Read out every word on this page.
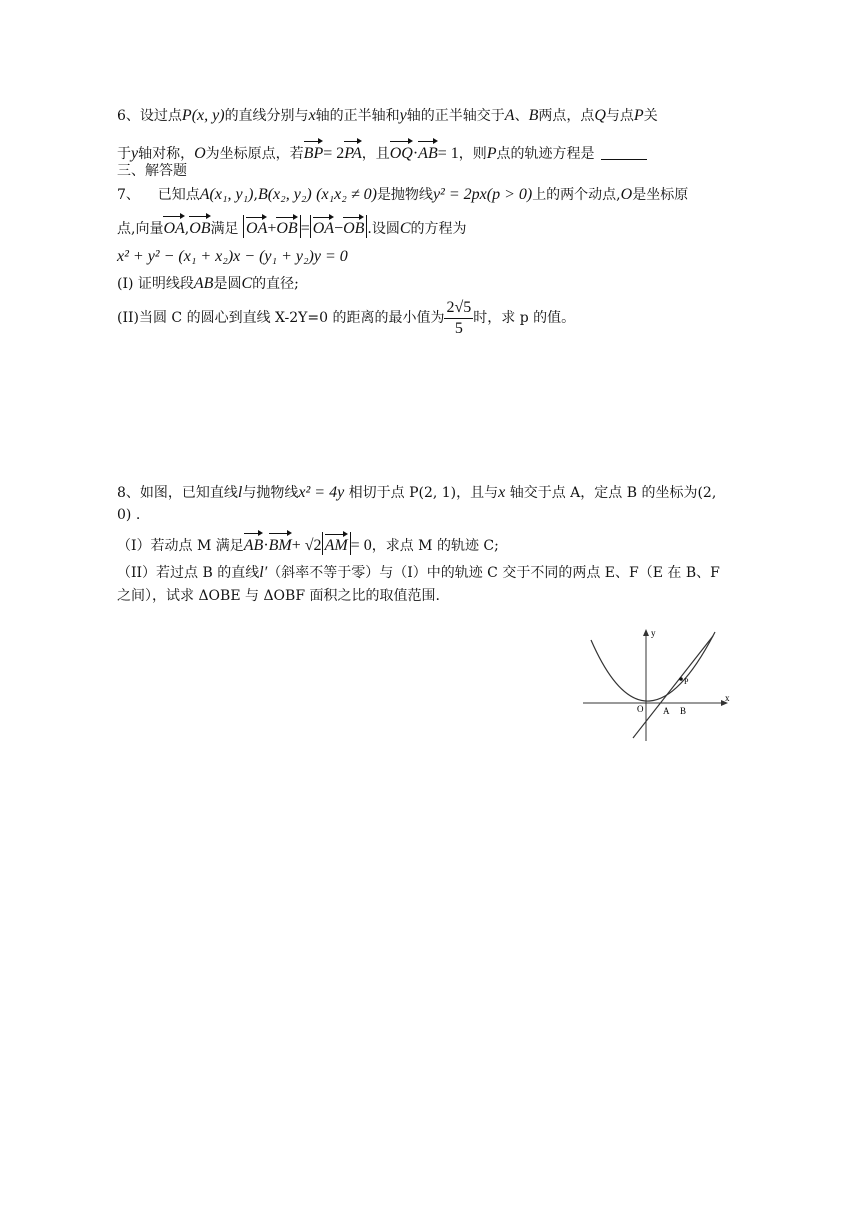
6、设过点P(x, y)的直线分别与x轴的正半轴和y轴的正半轴交于A、B两点，点Q与点P关
于y轴对称，O为坐标原点，若BP= 2PA，且OQ·AB= 1，则P点的轨迹方程是
三、解答题
7、 已知点A(x₁, y₁),B(x₂, y₂) (x₁x₂ ≠ 0)是抛物线y² = 2px(p > 0)上的两个动点,O是坐标原
点,向量OA,OB满足 OA+OB = OA−OB .设圆C的方程为
x² + y² − (x₁ + x₂)x − (y₁ + y₂)y = 0
(I) 证明线段AB是圆C的直径;
(II)当圆 C 的圆心到直线 X-2Y=0 的距离的最小值为 $\frac{2√5}{5}$ 时，求 p 的值。
8、如图，已知直线l与抛物线x² = 4y 相切于点 P(2, 1)，且与x 轴交于点 A，定点 B 的坐标为(2,
0) .
（I）若动点 M 满足AB·BM+ √2 AM = 0，求点 M 的轨迹 C;
（II）若过点 B 的直线l′（斜率不等于零）与（I）中的轨迹 C 交于不同的两点 E、F（E 在 B、F
之间），试求 ΔOBE 与 ΔOBF 面积之比的取值范围.
y
x
O A B
P
